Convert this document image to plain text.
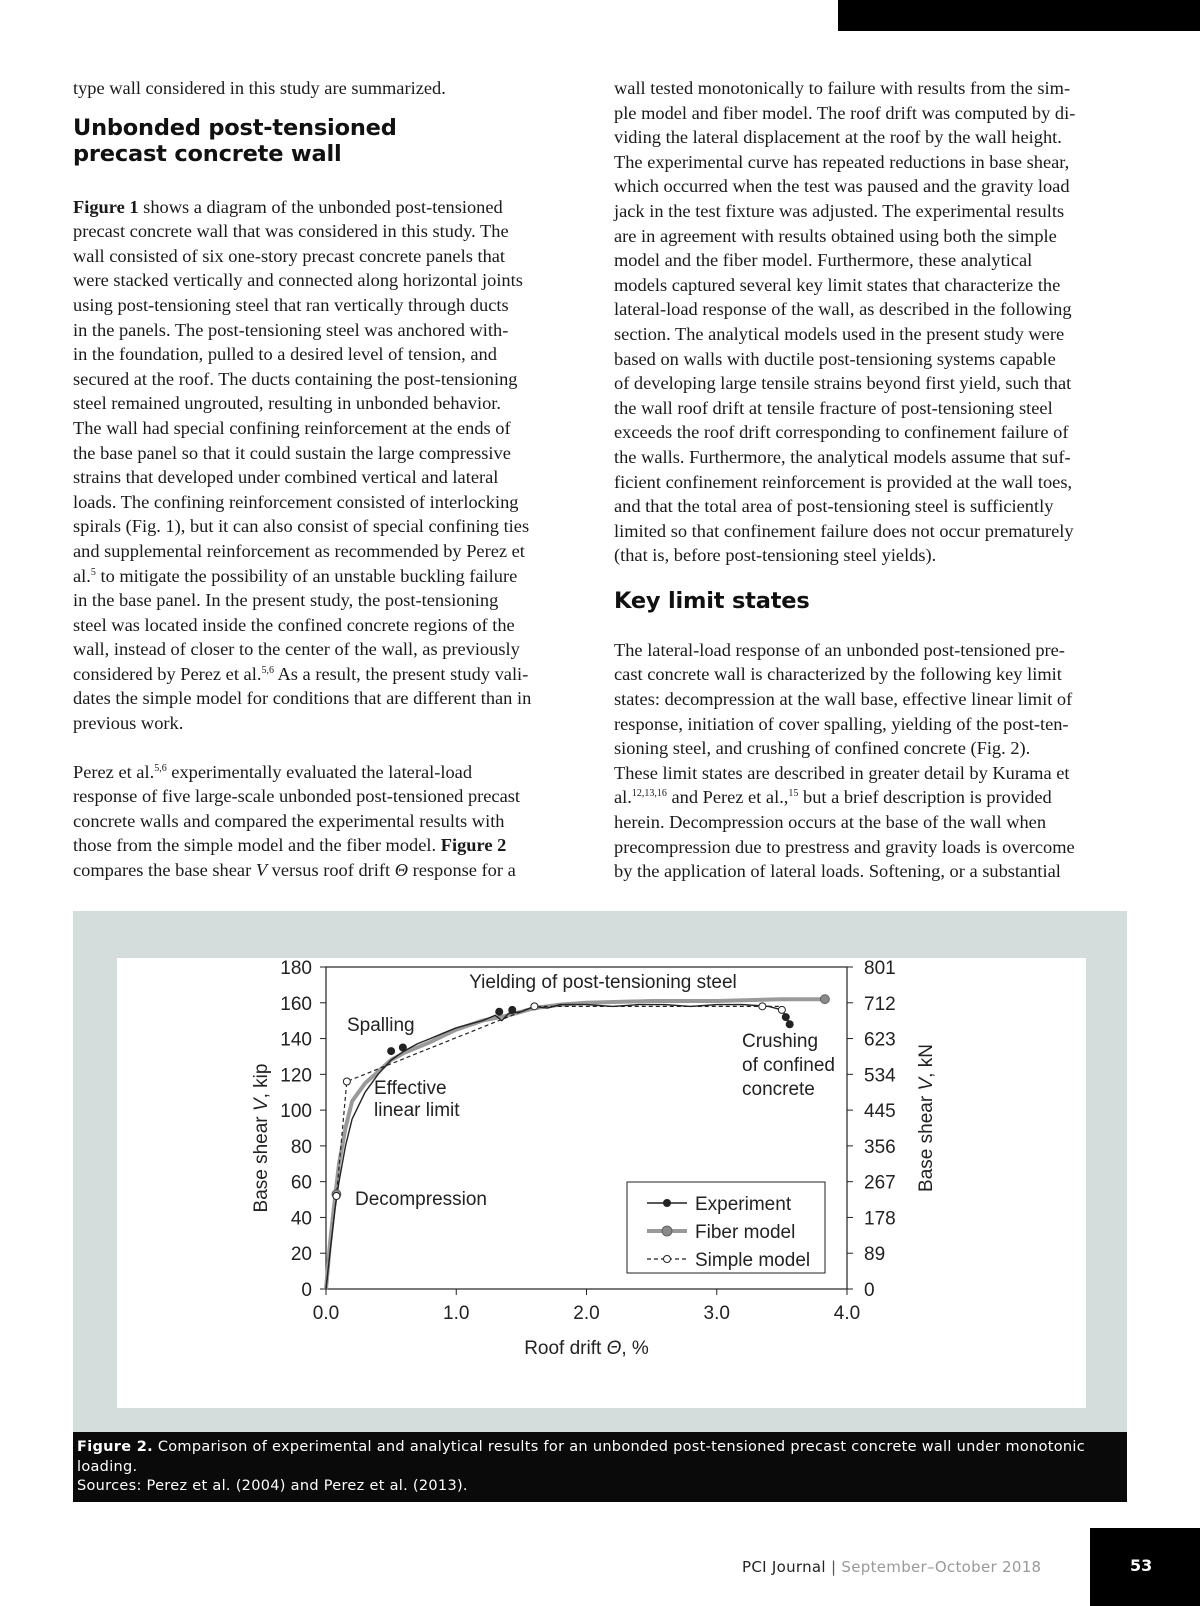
type wall considered in this study are summarized.

Unbonded post-tensioned
precast concrete wall

Figure 1 shows a diagram of the unbonded post-tensioned
precast concrete wall that was considered in this study. The
wall consisted of six one-story precast concrete panels that
were stacked vertically and connected along horizontal joints
using post-tensioning steel that ran vertically through ducts
in the panels. The post-tensioning steel was anchored with-
in the foundation, pulled to a desired level of tension, and
secured at the roof. The ducts containing the post-tensioning
steel remained ungrouted, resulting in unbonded behavior.
The wall had special confining reinforcement at the ends of
the base panel so that it could sustain the large compressive
strains that developed under combined vertical and lateral
loads. The confining reinforcement consisted of interlocking
spirals (Fig. 1), but it can also consist of special confining ties
and supplemental reinforcement as recommended by Perez et
al.$^5$ to mitigate the possibility of an unstable buckling failure
in the base panel. In the present study, the post-tensioning
steel was located inside the confined concrete regions of the
wall, instead of closer to the center of the wall, as previously
considered by Perez et al.$^{5,6}$ As a result, the present study vali-
dates the simple model for conditions that are different than in
previous work.

Perez et al.$^{5,6}$ experimentally evaluated the lateral-load
response of five large-scale unbonded post-tensioned precast
concrete walls and compared the experimental results with
those from the simple model and the fiber model. Figure 2
compares the base shear V versus roof drift Θ response for a

wall tested monotonically to failure with results from the sim-
ple model and fiber model. The roof drift was computed by di-
viding the lateral displacement at the roof by the wall height.
The experimental curve has repeated reductions in base shear,
which occurred when the test was paused and the gravity load
jack in the test fixture was adjusted. The experimental results
are in agreement with results obtained using both the simple
model and the fiber model. Furthermore, these analytical
models captured several key limit states that characterize the
lateral-load response of the wall, as described in the following
section. The analytical models used in the present study were
based on walls with ductile post-tensioning systems capable
of developing large tensile strains beyond first yield, such that
the wall roof drift at tensile fracture of post-tensioning steel
exceeds the roof drift corresponding to confinement failure of
the walls. Furthermore, the analytical models assume that suf-
ficient confinement reinforcement is provided at the wall toes,
and that the total area of post-tensioning steel is sufficiently
limited so that confinement failure does not occur prematurely
(that is, before post-tensioning steel yields).

Key limit states

The lateral-load response of an unbonded post-tensioned pre-
cast concrete wall is characterized by the following key limit
states: decompression at the wall base, effective linear limit of
response, initiation of cover spalling, yielding of the post-ten-
sioning steel, and crushing of confined concrete (Fig. 2).
These limit states are described in greater detail by Kurama et
al.$^{12,13,16}$ and Perez et al.,$^{15}$ but a brief description is provided
herein. Decompression occurs at the base of the wall when
precompression due to prestress and gravity loads is overcome
by the application of lateral loads. Softening, or a substantial

0	0
20	89
40	178
60	267
80	356
100	445
120	534
140	623
160	712
180	801
0.0	1.0	2.0	3.0	4.0
Roof drift Θ, %
Base shear V, kip
Base shear V, kN
Yielding of post-tensioning steel
Spalling
Effective
linear limit
Crushing
of confined
concrete
Decompression	Experiment
Fiber model
Simple model
Figure 2. Comparison of experimental and analytical results for an unbonded post-tensioned precast concrete wall under monotonic loading.
Sources: Perez et al. (2004) and Perez et al. (2013).
PCI Journal | September–October 2018	53
